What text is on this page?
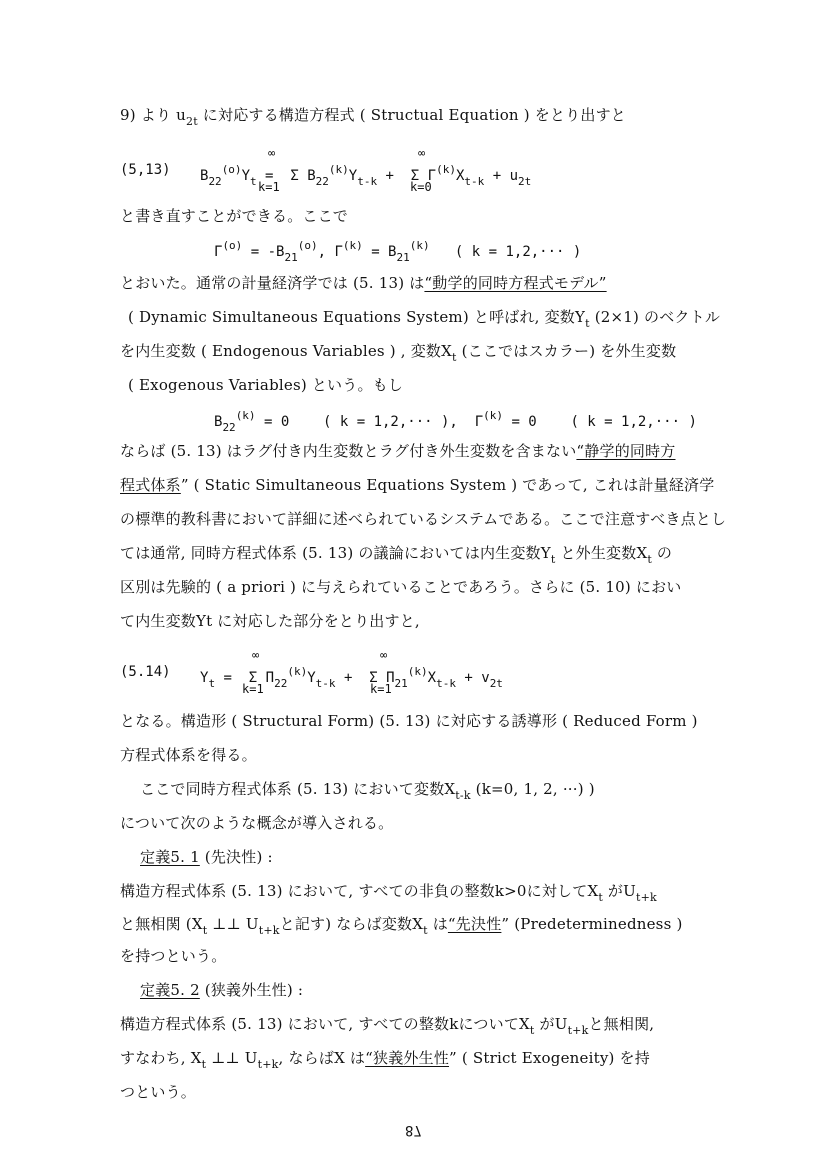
9) より $u_{2t}$ に対応する構造方程式 ( Structual Equation ) をとり出すと
(5,13)
∞	∞
$B_{22}^{(o)}Y_t = \Sigma$ $B_{22}^{(k)}Y_{t-k} + \Sigma$ $\Gamma^{(k)}X_{t-k} + u_{2t}$
k=1	k=0
と書き直すことができる。ここで
$\Gamma^{(o)} = -B_{21}^{(o)}$, $\Gamma^{(k)} = B_{21}^{(k)}$   ( k = 1,2,··· )
とおいた。通常の計量経済学では (5. 13) は“動学的同時方程式モデル”
( Dynamic Simultaneous Equations System) と呼ばれ, 変数$Y_t$ (2×1) のベクトル
を内生変数 ( Endogenous Variables ) , 変数$X_t$ (ここではスカラー) を外生変数
( Exogenous Variables) という。もし
$B_{22}^{(k)} = 0$    ( k = 1,2,··· ),  $\Gamma^{(k)} = 0$    ( k = 1,2,··· )
ならば (5. 13) はラグ付き内生変数とラグ付き外生変数を含まない“静学的同時方
程式体系” ( Static Simultaneous Equations System ) であって, これは計量経済学
の標準的教科書において詳細に述べられているシステムである。ここで注意すべき点とし
ては通常, 同時方程式体系 (5. 13) の議論においては内生変数$Y_t$ と外生変数$X_t$ の
区別は先験的 ( a priori ) に与えられていることであろう。さらに (5. 10) におい
て内生変数Yt に対応した部分をとり出すと,
(5.14)
∞	∞
$Y_t = \Sigma$ $\Pi_{22}^{(k)}Y_{t-k} + \Sigma$ $\Pi_{21}^{(k)}X_{t-k} + v_{2t}$
k=1	k=1
となる。構造形 ( Structural Form) (5. 13) に対応する誘導形 ( Reduced Form )
方程式体系を得る。
ここで同時方程式体系 (5. 13) において変数$X_{t-k}$ (k=0, 1, 2, ···) )
について次のような概念が導入される。
定義5. 1 (先決性) :
構造方程式体系 (5. 13) において, すべての非負の整数k>0に対して$X_t$ が$U_{t+k}$
と無相関 ($X_t$ ⊥⊥ $U_{t+k}$と記す) ならば変数$X_t$ は“先決性” (Predeterminedness )
を持つという。
定義5. 2 (狭義外生性) :
構造方程式体系 (5. 13) において, すべての整数kについて$X_t$ が$U_{t+k}$と無相関,
すなわち, $X_t$ ⊥⊥ $U_{t+k}$, ならばX は“狭義外生性” ( Strict Exogeneity) を持
つという。
87
